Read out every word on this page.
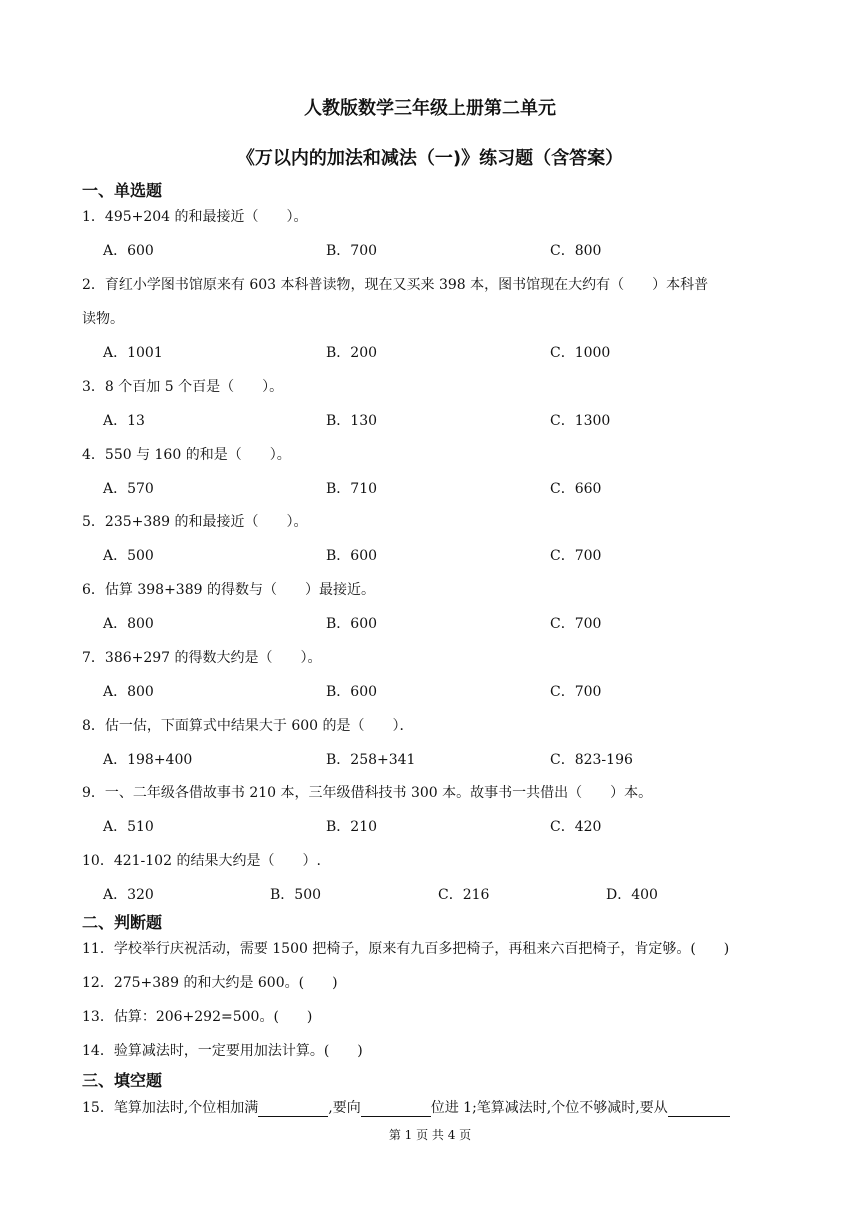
人教版数学三年级上册第二单元
《万以内的加法和减法（一)》练习题（含答案）
一、单选题
1．495+204 的和最接近（　　）。
A．600	B．700	C．800
2．育红小学图书馆原来有 603 本科普读物，现在又买来 398 本，图书馆现在大约有（　　）本科普
读物。
A．1001	B．200	C．1000
3．8 个百加 5 个百是（　　）。
A．13	B．130	C．1300
4．550 与 160 的和是（　　）。
A．570	B．710	C．660
5．235+389 的和最接近（　　）。
A．500	B．600	C．700
6．估算 398+389 的得数与（　　）最接近。
A．800	B．600	C．700
7．386+297 的得数大约是（　　）。
A．800	B．600	C．700
8．估一估，下面算式中结果大于 600 的是（　　）．
A．198+400	B．258+341	C．823-196
9．一、二年级各借故事书 210 本，三年级借科技书 300 本。故事书一共借出（　　）本。
A．510	B．210	C．420
10．421-102 的结果大约是（　　）.
A．320	B．500	C．216	D．400
二、判断题
11．学校举行庆祝活动，需要 1500 把椅子，原来有九百多把椅子，再租来六百把椅子，肯定够。(　　)
12．275+389 的和大约是 600。(　　)
13．估算：206+292=500。(　　)
14．验算减法时，一定要用加法计算。(　　)
三、填空题
15．笔算加法时,个位相加满	,要向	位进 1;笔算减法时,个位不够减时,要从
第 1 页 共 4 页
